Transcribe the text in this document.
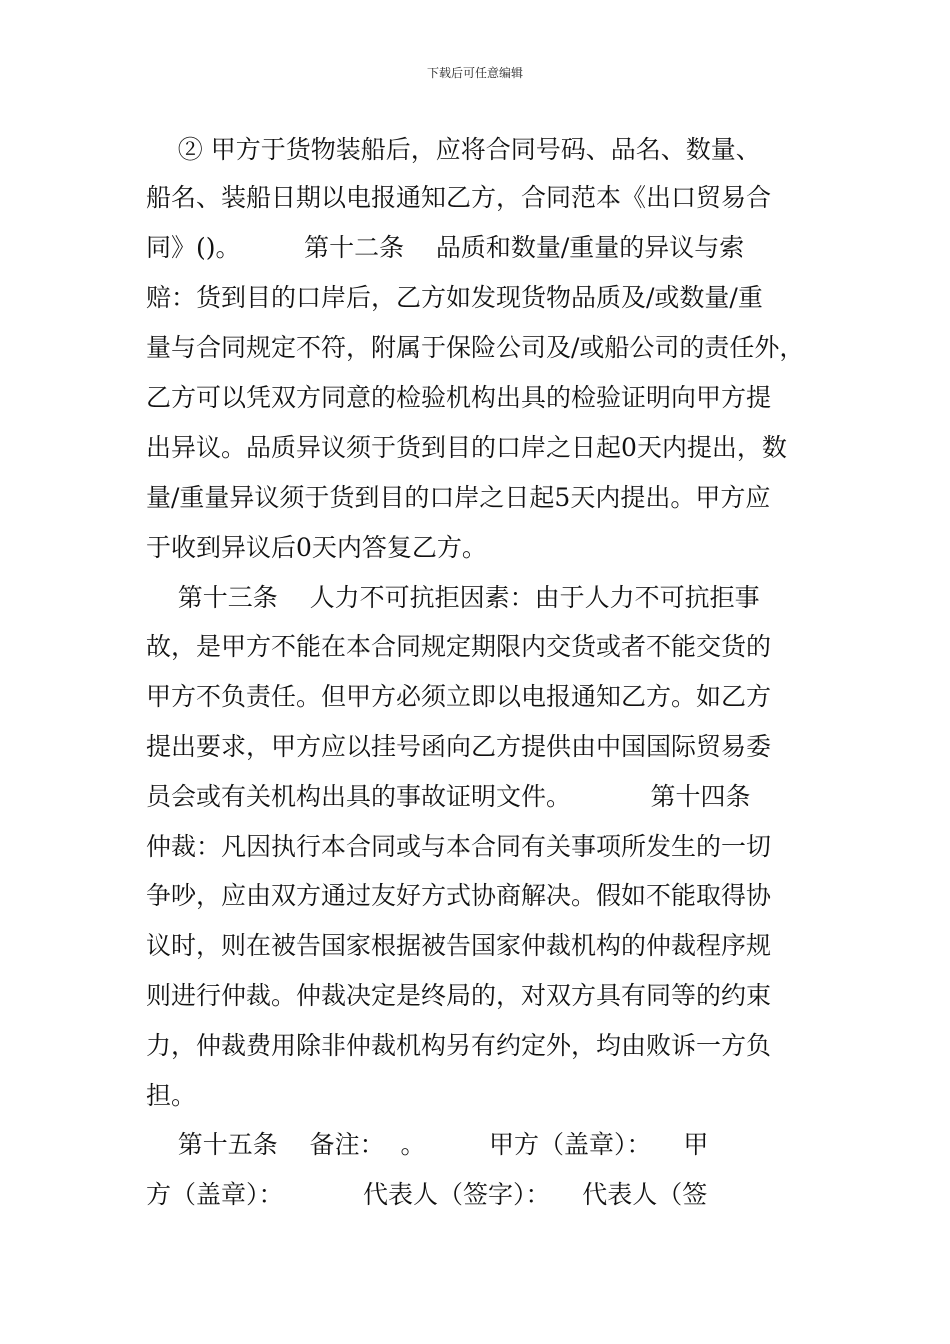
下载后可任意编辑
② 甲方于货物装船后，应将合同号码、品名、数量、
船名、装船日期以电报通知乙方，合同范本《出口贸易合
同》()。        第十二条    品质和数量/重量的异议与索
赔：货到目的口岸后，乙方如发现货物品质及/或数量/重
量与合同规定不符，附属于保险公司及/或船公司的责任外，
乙方可以凭双方同意的检验机构出具的检验证明向甲方提
出异议。品质异议须于货到目的口岸之日起0天内提出，数
量/重量异议须于货到目的口岸之日起5天内提出。甲方应
于收到异议后0天内答复乙方。
第十三条    人力不可抗拒因素：由于人力不可抗拒事
故，是甲方不能在本合同规定期限内交货或者不能交货的
甲方不负责任。但甲方必须立即以电报通知乙方。如乙方
提出要求，甲方应以挂号函向乙方提供由中国国际贸易委
员会或有关机构出具的事故证明文件。          第十四条
仲裁：凡因执行本合同或与本合同有关事项所发生的一切
争吵，应由双方通过友好方式协商解决。假如不能取得协
议时，则在被告国家根据被告国家仲裁机构的仲裁程序规
则进行仲裁。仲裁决定是终局的，对双方具有同等的约束
力，仲裁费用除非仲裁机构另有约定外，均由败诉一方负
担。
第十五条    备注：  。        甲方（盖章）：    甲
方（盖章）：          代表人（签字）：    代表人（签
